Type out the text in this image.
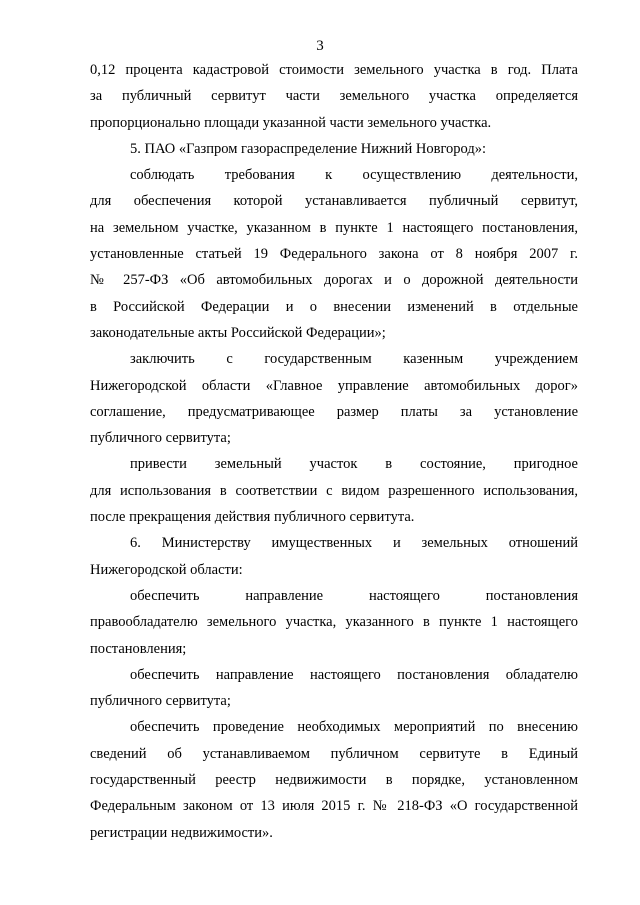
3
0,12 процента кадастровой стоимости земельного участка в год. Плата
за публичный сервитут части земельного участка определяется
пропорционально площади указанной части земельного участка.
5. ПАО «Газпром газораспределение Нижний Новгород»:
соблюдать требования к осуществлению деятельности,
для обеспечения которой устанавливается публичный сервитут,
на земельном участке, указанном в пункте 1 настоящего постановления,
установленные статьей 19 Федерального закона от 8 ноября 2007 г.
№ 257-ФЗ «Об автомобильных дорогах и о дорожной деятельности
в Российской Федерации и о внесении изменений в отдельные
законодательные акты Российской Федерации»;
заключить с государственным казенным учреждением
Нижегородской области «Главное управление автомобильных дорог»
соглашение, предусматривающее размер платы за установление
публичного сервитута;
привести земельный участок в состояние, пригодное
для использования в соответствии с видом разрешенного использования,
после прекращения действия публичного сервитута.
6. Министерству имущественных и земельных отношений
Нижегородской области:
обеспечить направление настоящего постановления
правообладателю земельного участка, указанного в пункте 1 настоящего
постановления;
обеспечить направление настоящего постановления обладателю
публичного сервитута;
обеспечить проведение необходимых мероприятий по внесению
сведений об устанавливаемом публичном сервитуте в Единый
государственный реестр недвижимости в порядке, установленном
Федеральным законом от 13 июля 2015 г. № 218-ФЗ «О государственной
регистрации недвижимости».
